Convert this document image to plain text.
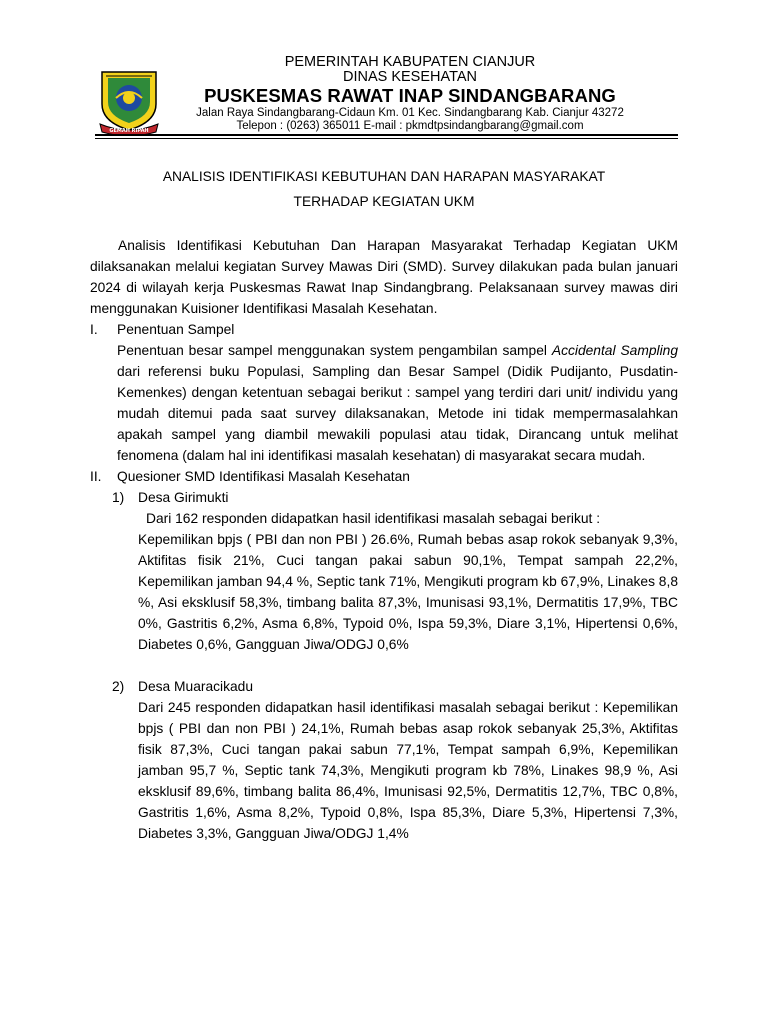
GEMAH RIPAH
PEMERINTAH KABUPATEN CIANJUR
DINAS KESEHATAN
PUSKESMAS RAWAT INAP SINDANGBARANG
Jalan Raya Sindangbarang-Cidaun Km. 01 Kec. Sindangbarang Kab. Cianjur 43272
Telepon : (0263) 365011 E-mail : pkmdtpsindangbarang@gmail.com

ANALISIS IDENTIFIKASI KEBUTUHAN DAN HARAPAN MASYARAKAT

TERHADAP KEGIATAN UKM

Analisis Identifikasi Kebutuhan Dan Harapan Masyarakat Terhadap Kegiatan UKM dilaksanakan melalui kegiatan Survey Mawas Diri (SMD). Survey dilakukan pada bulan januari 2024 di wilayah kerja Puskesmas Rawat Inap Sindangbrang. Pelaksanaan survey mawas diri menggunakan Kuisioner Identifikasi Masalah Kesehatan.

I.	Penentuan Sampel

Penentuan besar sampel menggunakan system pengambilan sampel Accidental Sampling dari referensi buku Populasi, Sampling dan Besar Sampel (Didik Pudijanto, Pusdatin- Kemenkes) dengan ketentuan sebagai berikut : sampel yang terdiri dari unit/ individu yang mudah ditemui pada saat survey dilaksanakan, Metode ini tidak mempermasalahkan apakah sampel yang diambil mewakili populasi atau tidak, Dirancang untuk melihat fenomena (dalam hal ini identifikasi masalah kesehatan) di masyarakat secara mudah.

II.	Quesioner SMD Identifikasi Masalah Kesehatan
1) Desa Girimukti

Dari 162 responden didapatkan hasil identifikasi masalah sebagai berikut :

Kepemilikan bpjs ( PBI dan non PBI ) 26.6%, Rumah bebas asap rokok sebanyak 9,3%, Aktifitas fisik 21%, Cuci tangan pakai sabun 90,1%, Tempat sampah 22,2%, Kepemilikan jamban 94,4 %, Septic tank 71%, Mengikuti program kb 67,9%, Linakes 8,8 %, Asi eksklusif 58,3%, timbang balita 87,3%, Imunisasi 93,1%, Dermatitis 17,9%, TBC 0%, Gastritis 6,2%, Asma 6,8%, Typoid 0%, Ispa 59,3%, Diare 3,1%, Hipertensi 0,6%, Diabetes 0,6%, Gangguan Jiwa/ODGJ 0,6%

2) Desa Muaracikadu

Dari 245 responden didapatkan hasil identifikasi masalah sebagai berikut : Kepemilikan bpjs ( PBI dan non PBI ) 24,1%, Rumah bebas asap rokok sebanyak 25,3%, Aktifitas fisik 87,3%, Cuci tangan pakai sabun 77,1%, Tempat sampah 6,9%, Kepemilikan jamban 95,7 %, Septic tank 74,3%, Mengikuti program kb 78%, Linakes 98,9 %, Asi eksklusif 89,6%, timbang balita 86,4%, Imunisasi 92,5%, Dermatitis 12,7%, TBC 0,8%, Gastritis 1,6%, Asma 8,2%, Typoid 0,8%, Ispa 85,3%, Diare 5,3%, Hipertensi 7,3%, Diabetes 3,3%, Gangguan Jiwa/ODGJ 1,4%
